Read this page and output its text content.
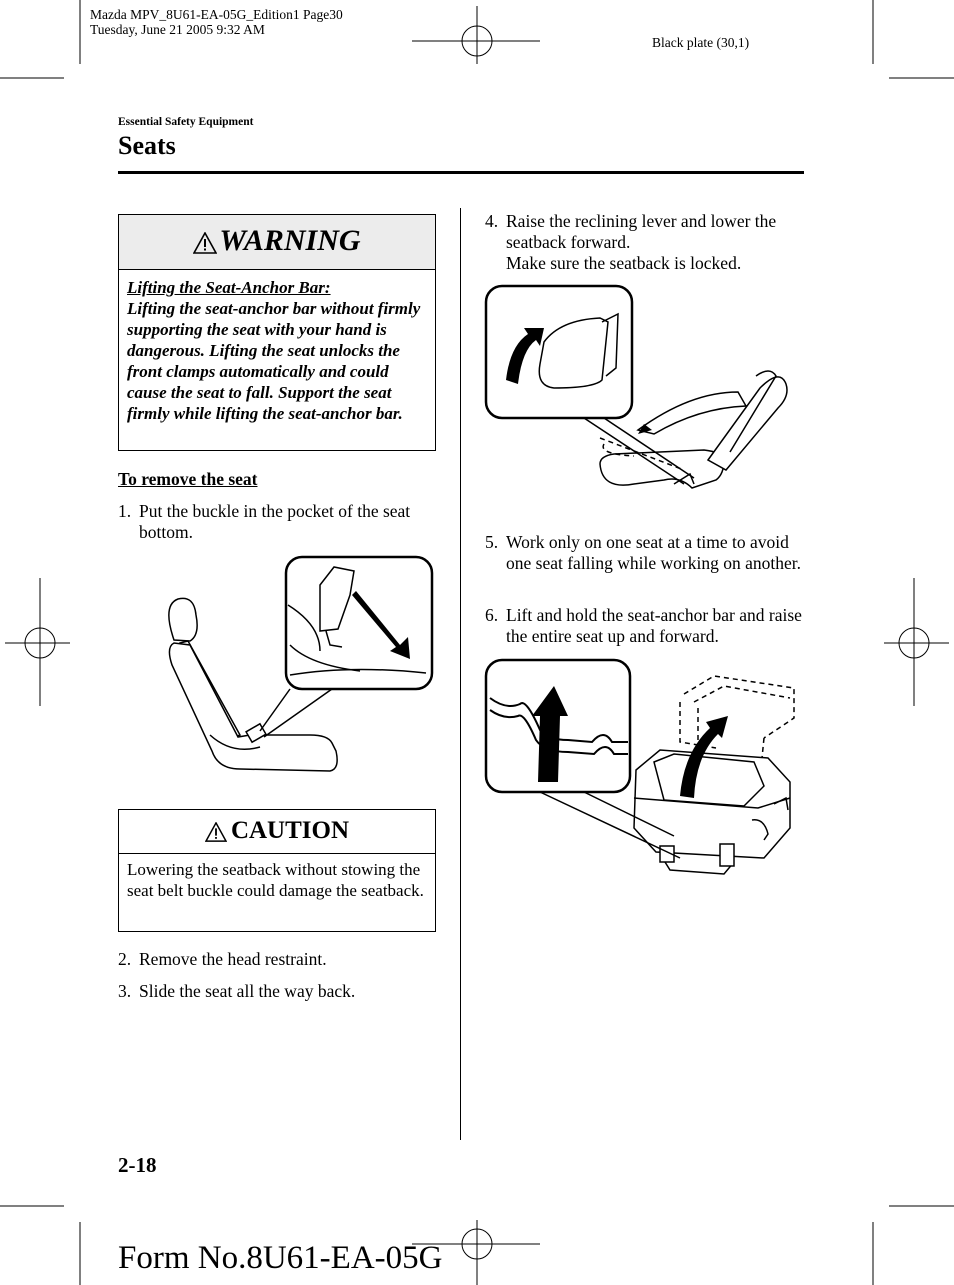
Mazda MPV_8U61-EA-05G_Edition1 Page30
Tuesday, June 21 2005 9:32 AM
Black plate (30,1)
Essential Safety Equipment
Seats
WARNING
Lifting the Seat-Anchor Bar:
Lifting the seat-anchor bar without firmly supporting the seat with your hand is dangerous. Lifting the seat unlocks the front clamps automatically and could cause the seat to fall. Support the seat firmly while lifting the seat-anchor bar.
To remove the seat
1. Put the buckle in the pocket of the seat bottom.
CAUTION
Lowering the seatback without stowing the seat belt buckle could damage the seatback.
2. Remove the head restraint.
3. Slide the seat all the way back.
4. Raise the reclining lever and lower the seatback forward.
Make sure the seatback is locked.
5. Work only on one seat at a time to avoid one seat falling while working on another.
6. Lift and hold the seat-anchor bar and raise the entire seat up and forward.
2-18
Form No.8U61-EA-05G
